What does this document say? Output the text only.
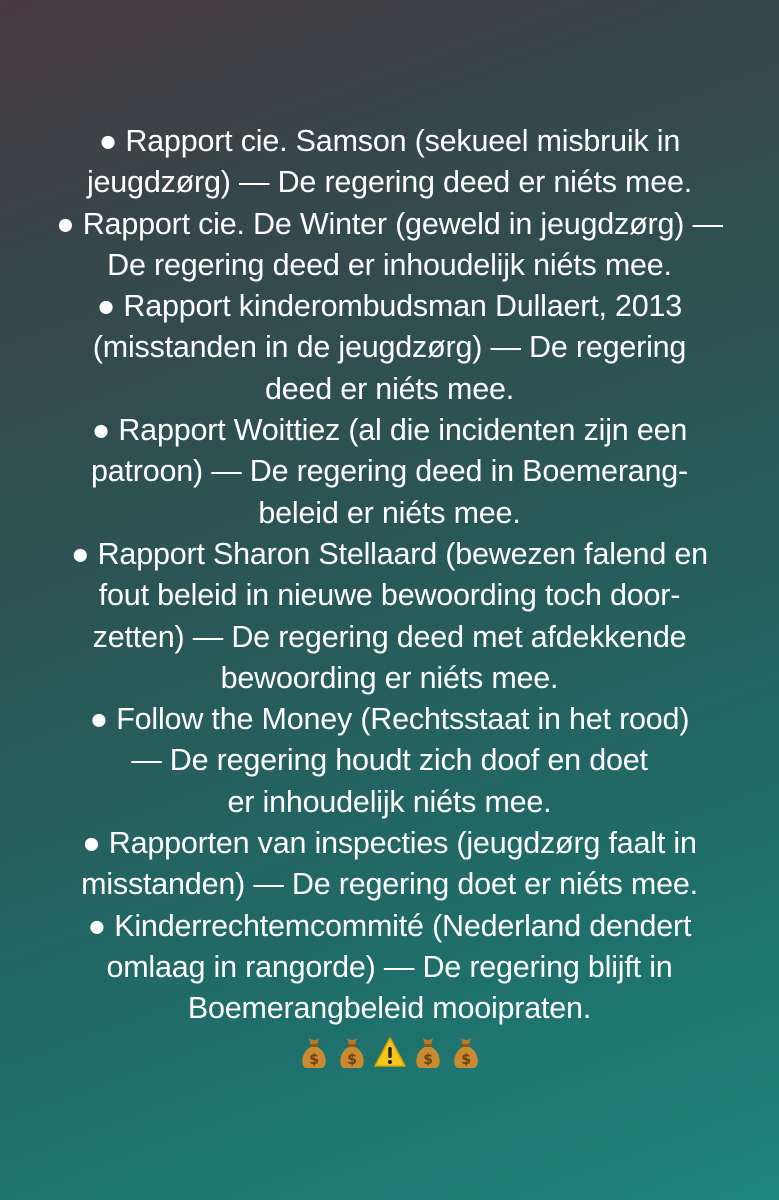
● Rapport cie. Samson (sekueel misbruik in
jeugdzørg) — De regering deed er niéts mee.
● Rapport cie. De Winter (geweld in jeugdzørg) —
De regering deed er inhoudelijk niéts mee.
● Rapport kinderombudsman Dullaert, 2013
(misstanden in de jeugdzørg) — De regering
deed er niéts mee.
● Rapport Woittiez (al die incidenten zijn een
patroon) — De regering deed in Boemerang-
beleid er niéts mee.
● Rapport Sharon Stellaard (bewezen falend en
fout beleid in nieuwe bewoording toch door-
zetten) — De regering deed met afdekkende
bewoording er niéts mee.
● Follow the Money (Rechtsstaat in het rood)
— De regering houdt zich doof en doet
er inhoudelijk niéts mee.
● Rapporten van inspecties (jeugdzørg faalt in
misstanden) — De regering doet er niéts mee.
● Kinderrechtemcommité (Nederland dendert
omlaag in rangorde) — De regering blijft in
Boemerangbeleid mooipraten.
$ $	$ $
